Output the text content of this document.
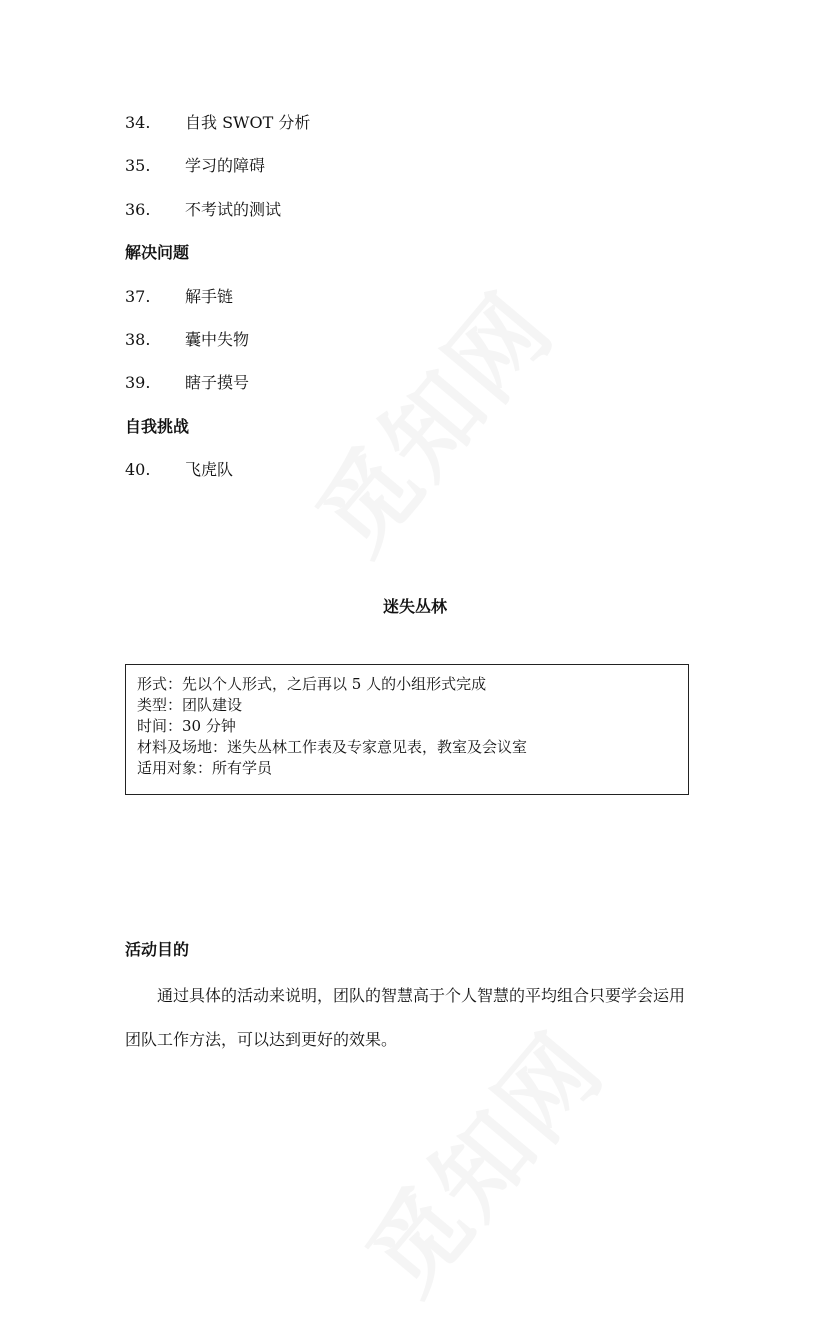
觅知网
觅知网
34.	自我 SWOT 分析
35.	学习的障碍
36.	不考试的测试
解决问题
37.	解手链
38.	囊中失物
39.	瞎子摸号
自我挑战
40.	飞虎队
迷失丛林
形式：先以个人形式，之后再以 5 人的小组形式完成
类型：团队建设
时间：30 分钟
材料及场地：迷失丛林工作表及专家意见表，教室及会议室
适用对象：所有学员
活动目的
通过具体的活动来说明，团队的智慧高于个人智慧的平均组合只要学会运用
团队工作方法，可以达到更好的效果。
